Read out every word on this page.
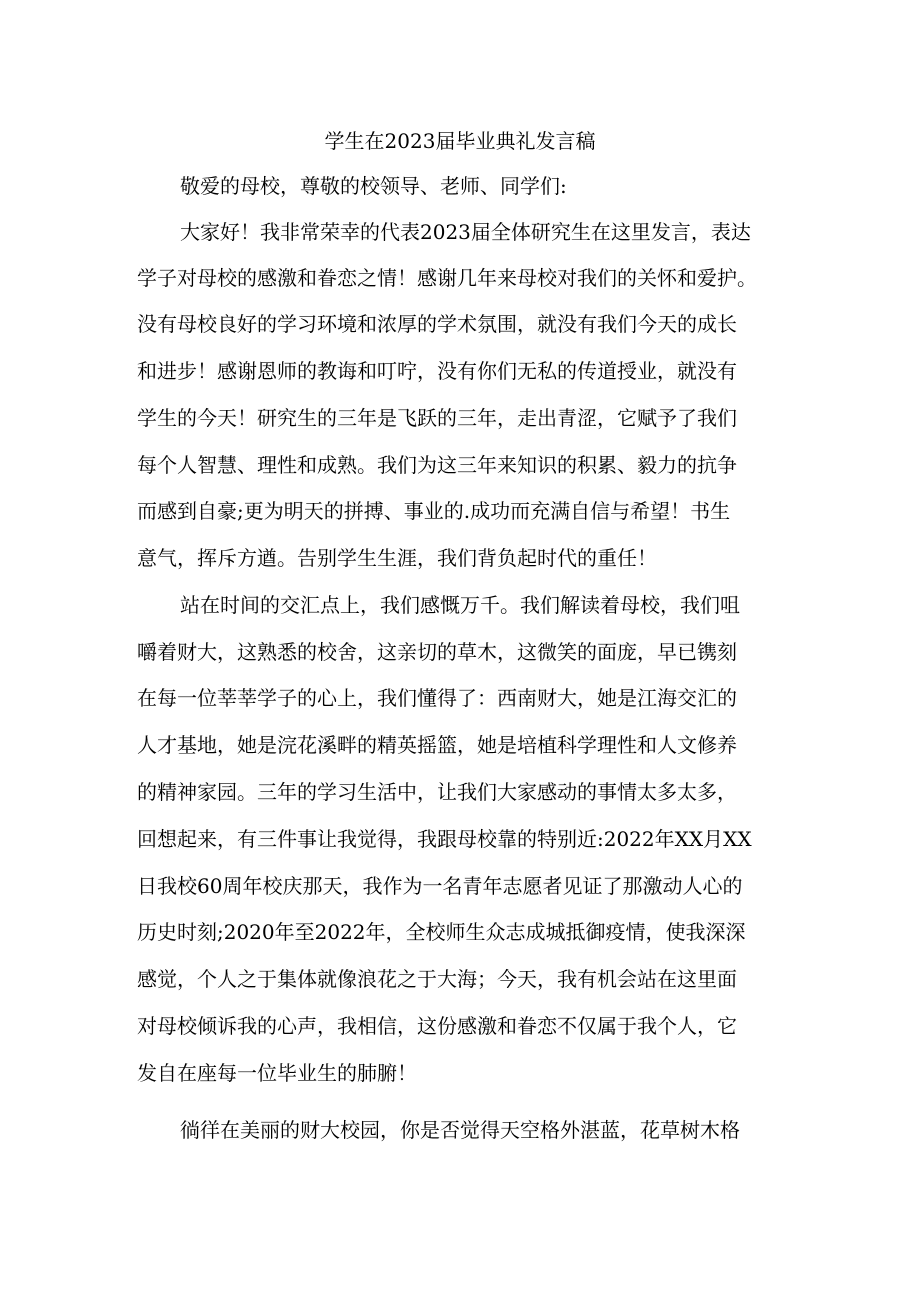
学生在2023届毕业典礼发言稿
敬爱的母校，尊敬的校领导、老师、同学们:
大家好！我非常荣幸的代表2023届全体研究生在这里发言，表达
学子对母校的感激和眷恋之情！感谢几年来母校对我们的关怀和爱护。
没有母校良好的学习环境和浓厚的学术氛围，就没有我们今天的成长
和进步！感谢恩师的教诲和叮咛，没有你们无私的传道授业，就没有
学生的今天！研究生的三年是飞跃的三年，走出青涩，它赋予了我们
每个人智慧、理性和成熟。我们为这三年来知识的积累、毅力的抗争
而感到自豪;更为明天的拼搏、事业的.成功而充满自信与希望！书生
意气，挥斥方遒。告别学生生涯，我们背负起时代的重任！
站在时间的交汇点上，我们感慨万千。我们解读着母校，我们咀
嚼着财大，这熟悉的校舍，这亲切的草木，这微笑的面庞，早已镌刻
在每一位莘莘学子的心上，我们懂得了：西南财大，她是江海交汇的
人才基地，她是浣花溪畔的精英摇篮，她是培植科学理性和人文修养
的精神家园。三年的学习生活中，让我们大家感动的事情太多太多，
回想起来，有三件事让我觉得，我跟母校靠的特别近:2022年XX月XX
日我校60周年校庆那天，我作为一名青年志愿者见证了那激动人心的
历史时刻;2020年至2022年，全校师生众志成城抵御疫情，使我深深
感觉，个人之于集体就像浪花之于大海；今天，我有机会站在这里面
对母校倾诉我的心声，我相信，这份感激和眷恋不仅属于我个人，它
发自在座每一位毕业生的肺腑！
徜徉在美丽的财大校园，你是否觉得天空格外湛蓝，花草树木格
